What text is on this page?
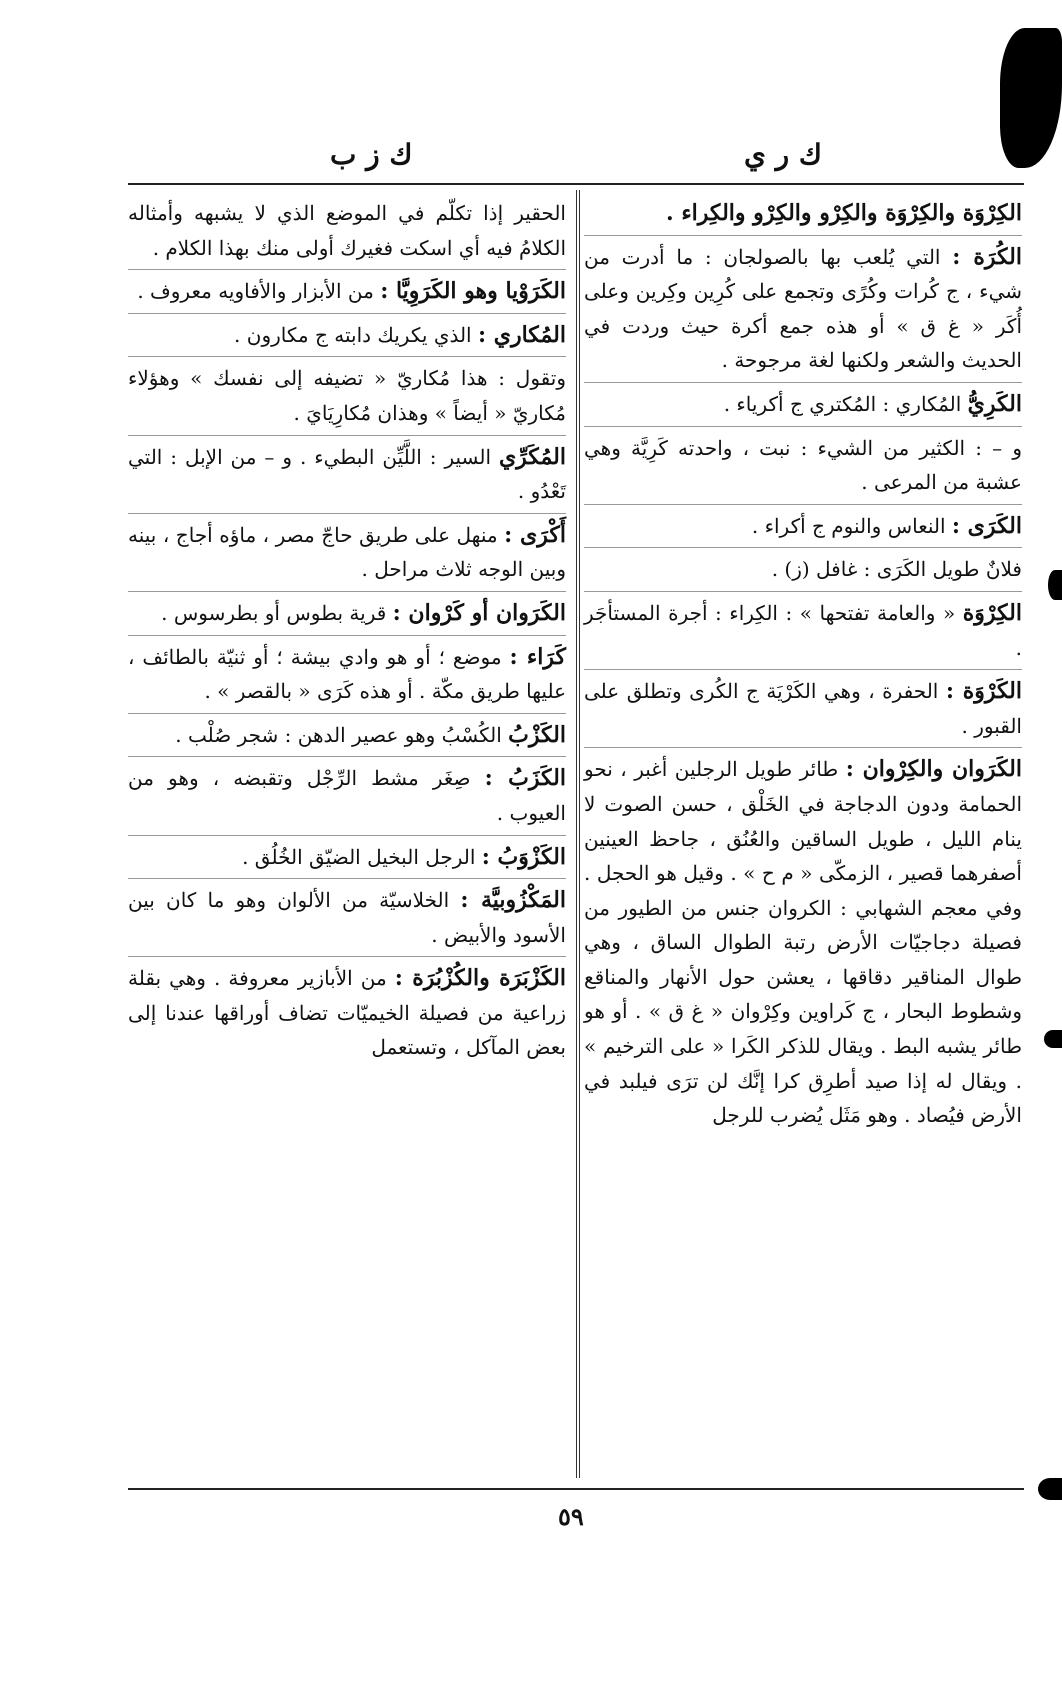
ك ز ب	ك ر ي
الكِرْوَة والكِرْوَة والكِرْو والكِرْو والكِراء .
الكُرَة : التي يُلعب بها بالصولجان : ما أدرت من شيء ، ج كُرات وكُرًى وتجمع على كُرِين وكِرين وعلى أُكَر « غ ق » أو هذه جمع أكرة حيث وردت في الحديث والشعر ولكنها لغة مرجوحة .
الكَرِيُّ المُكاري : المُكتري ج أكرياء .
و – : الكثير من الشيء : نبت ، واحدته كَرِيَّة وهي عشبة من المرعى .
الكَرَى : النعاس والنوم ج أكراء .
فلانٌ طويل الكَرَى : غافل (ز) .
الكِرْوَة « والعامة تفتحها » : الكِراء : أجرة المستأجَر .
الكَرْوَة : الحفرة ، وهي الكَرْيَة ج الكُرى وتطلق على القبور .
الكَرَوان والكِرْوان : طائر طويل الرجلين أغبر ، نحو الحمامة ودون الدجاجة في الخَلْق ، حسن الصوت لا ينام الليل ، طويل الساقين والعُنُق ، جاحظ العينين أصفرهما قصير ، الزمكّى « م ح » . وقيل هو الحجل . وفي معجم الشهابي : الكروان جنس من الطيور من فصيلة دجاجيّات الأرض رتبة الطوال الساق ، وهي طوال المناقير دقاقها ، يعشن حول الأنهار والمناقع وشطوط البحار ، ج كَراوين وكِرْوان « غ ق » . أو هو طائر يشبه البط . ويقال للذكر الكَرا « على الترخيم » . ويقال له إذا صيد أطرِق كرا إنَّك لن ترَى فيلبد في الأرض فيُصاد . وهو مَثَل يُضرب للرجل
الحقير إذا تكلّم في الموضع الذي لا يشبهه وأمثاله الكلامُ فيه أي اسكت فغيرك أولى منك بهذا الكلام .
الكَرَوْيا وهو الكَرَوِيَّا : من الأبزار والأفاويه معروف .
المُكاري : الذي يكريك دابته ج مكارون .
وتقول : هذا مُكاريّ « تضيفه إلى نفسك » وهؤلاء مُكاريّ « أيضاً » وهذان مُكارِيَايَ .
المُكَرِّي السير : اللَّيِّن البطيء . و – من الإبل : التي تَعْدُو .
أَكْرَى : منهل على طريق حاجّ مصر ، ماؤه أجاج ، بينه وبين الوجه ثلاث مراحل .
الكَرَوان أو كَرْوان : قرية بطوس أو بطرسوس .
كَرَاء : موضع ؛ أو هو وادي بيشة ؛ أو ثنيّة بالطائف ، عليها طريق مكّة . أو هذه كَرَى « بالقصر » .
الكَزْبُ الكُسْبُ وهو عصير الدهن : شجر صُلْب .
الكَزَبُ : صِغَر مشط الرِّجْل وتقبضه ، وهو من العيوب .
الكَزْوَبُ : الرجل البخيل الضيّق الخُلُق .
المَكْزُوبيَّة : الخلاسيّة من الألوان وهو ما كان بين الأسود والأبيض .
الكَزْبَرَة والكُزْبُرَة : من الأبازير معروفة . وهي بقلة زراعية من فصيلة الخيميّات تضاف أوراقها عندنا إلى بعض المآكل ، وتستعمل
٥٩
